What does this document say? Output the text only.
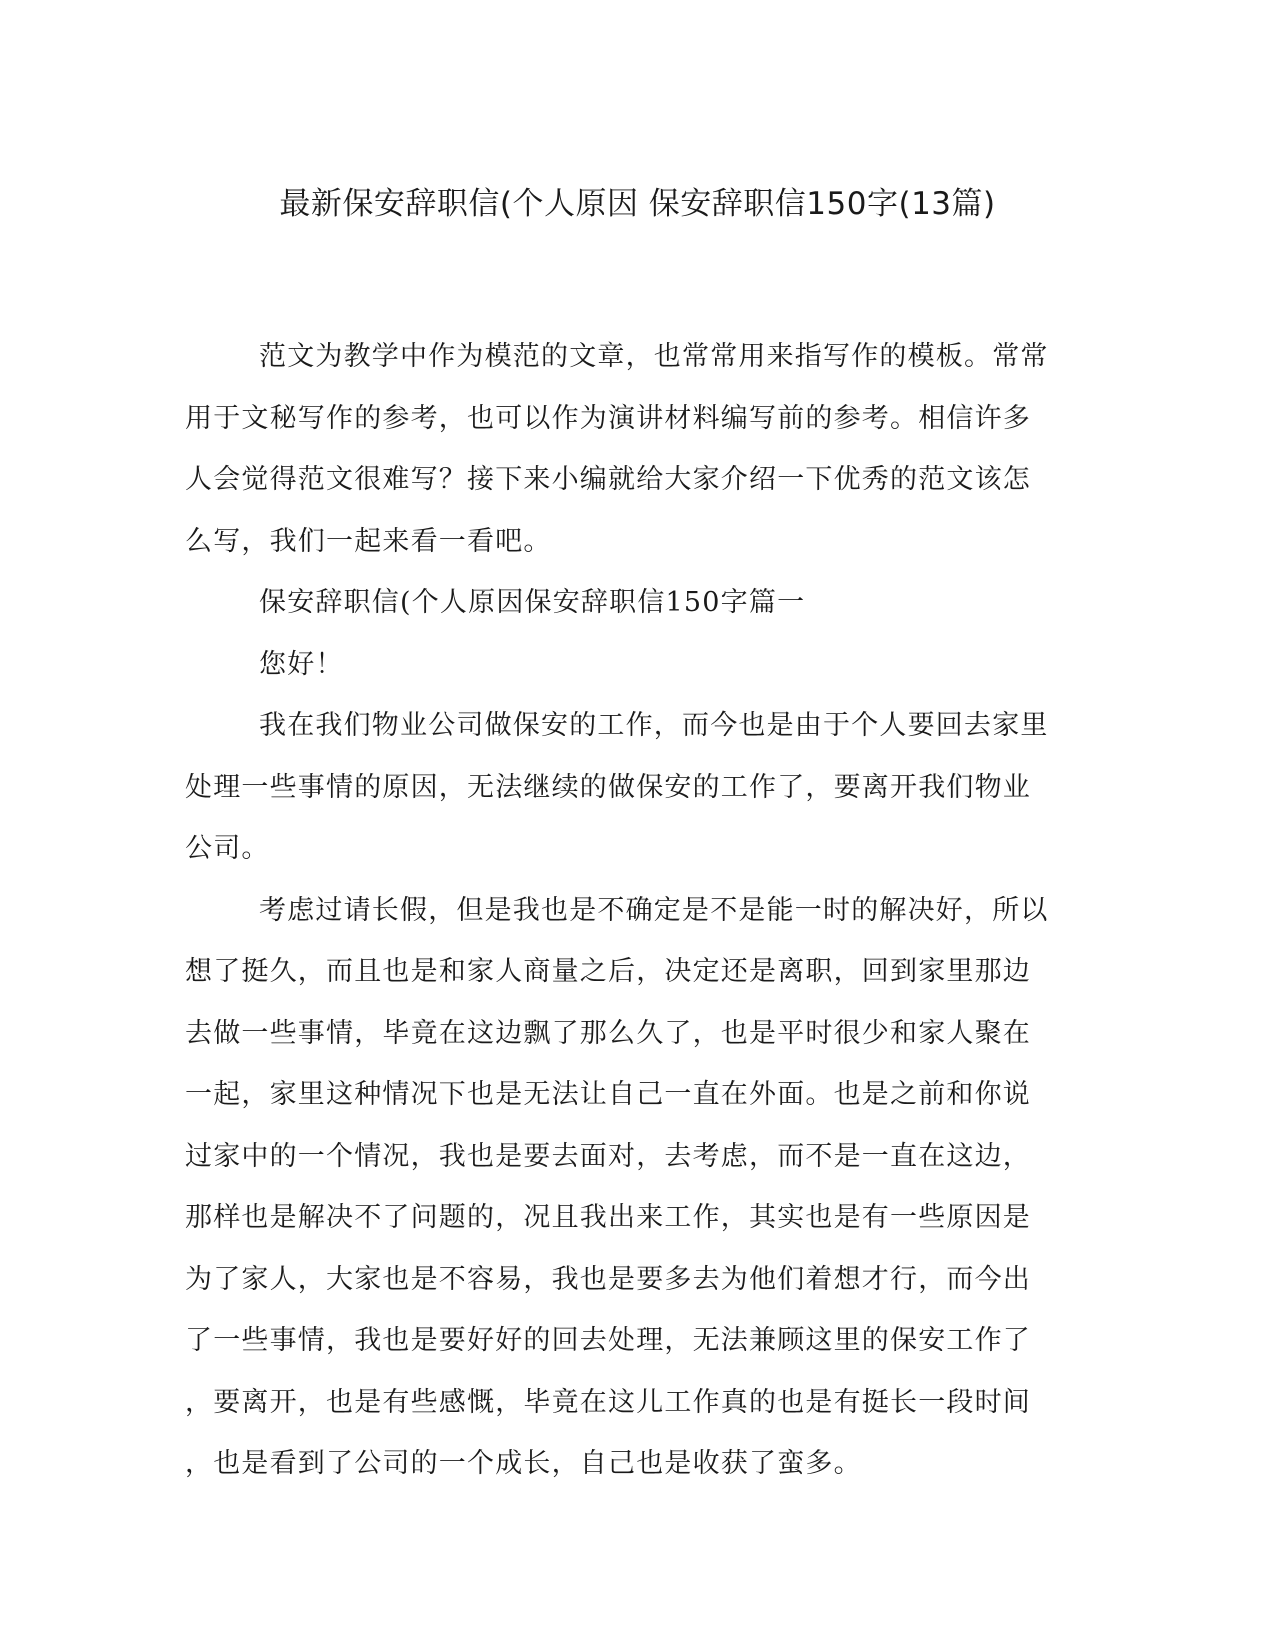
最新保安辞职信(个人原因 保安辞职信150字(13篇)
范文为教学中作为模范的文章，也常常用来指写作的模板。常常
用于文秘写作的参考，也可以作为演讲材料编写前的参考。相信许多
人会觉得范文很难写？接下来小编就给大家介绍一下优秀的范文该怎
么写，我们一起来看一看吧。
保安辞职信(个人原因保安辞职信150字篇一
您好！
我在我们物业公司做保安的工作，而今也是由于个人要回去家里
处理一些事情的原因，无法继续的做保安的工作了，要离开我们物业
公司。
考虑过请长假，但是我也是不确定是不是能一时的解决好，所以
想了挺久，而且也是和家人商量之后，决定还是离职，回到家里那边
去做一些事情，毕竟在这边飘了那么久了，也是平时很少和家人聚在
一起，家里这种情况下也是无法让自己一直在外面。也是之前和你说
过家中的一个情况，我也是要去面对，去考虑，而不是一直在这边，
那样也是解决不了问题的，况且我出来工作，其实也是有一些原因是
为了家人，大家也是不容易，我也是要多去为他们着想才行，而今出
了一些事情，我也是要好好的回去处理，无法兼顾这里的保安工作了
，要离开，也是有些感慨，毕竟在这儿工作真的也是有挺长一段时间
，也是看到了公司的一个成长，自己也是收获了蛮多。
